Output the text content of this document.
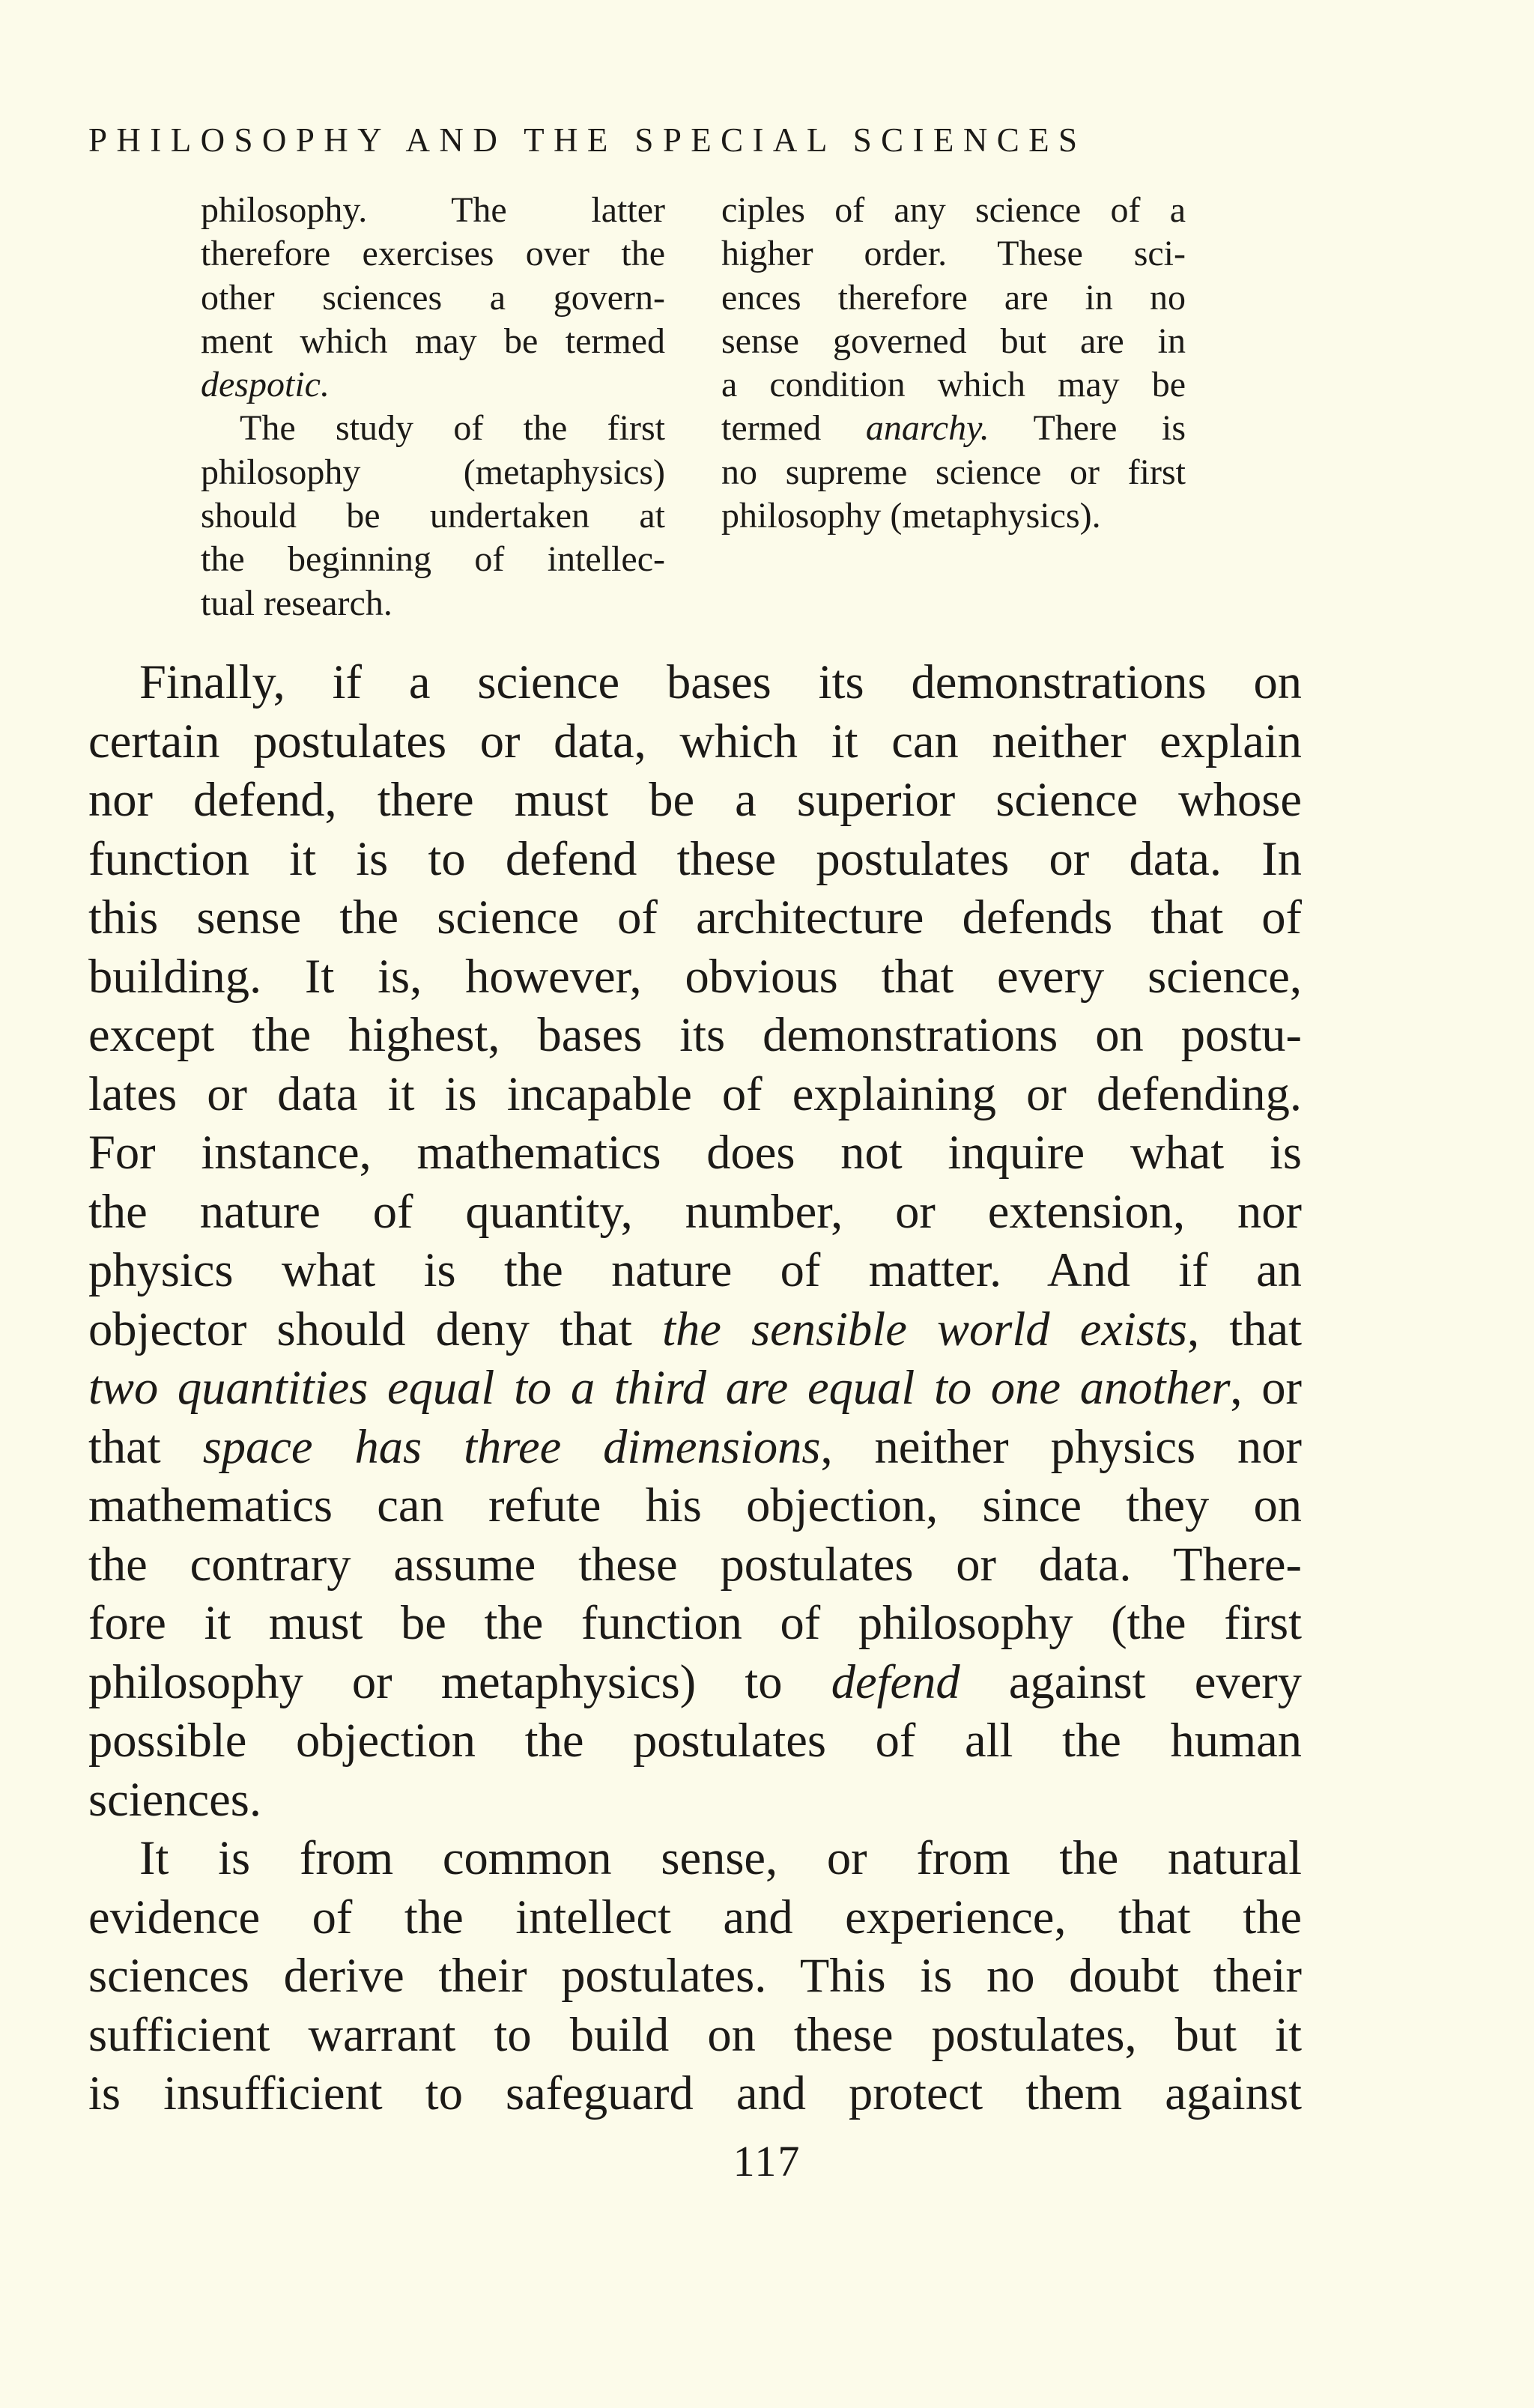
PHILOSOPHY AND THE SPECIAL SCIENCES

philosophy. The latter
therefore exercises over the
other sciences a govern-
ment which may be termed
despotic.

The study of the first
philosophy (metaphysics)
should be undertaken at
the beginning of intellec-
tual research.

ciples of any science of a
higher order. These sci-
ences therefore are in no
sense governed but are in
a condition which may be
termed anarchy. There is
no supreme science or first
philosophy (metaphysics).

Finally, if a science bases its demonstrations on
certain postulates or data, which it can neither explain
nor defend, there must be a superior science whose
function it is to defend these postulates or data. In
this sense the science of architecture defends that of
building. It is, however, obvious that every science,
except the highest, bases its demonstrations on postu-
lates or data it is incapable of explaining or defending.
For instance, mathematics does not inquire what is
the nature of quantity, number, or extension, nor
physics what is the nature of matter. And if an
objector should deny that the sensible world exists, that
two quantities equal to a third are equal to one another, or
that space has three dimensions, neither physics nor
mathematics can refute his objection, since they on
the contrary assume these postulates or data. There-
fore it must be the function of philosophy (the first
philosophy or metaphysics) to defend against every
possible objection the postulates of all the human
sciences.

It is from common sense, or from the natural
evidence of the intellect and experience, that the
sciences derive their postulates. This is no doubt their
sufficient warrant to build on these postulates, but it
is insufficient to safeguard and protect them against

117
